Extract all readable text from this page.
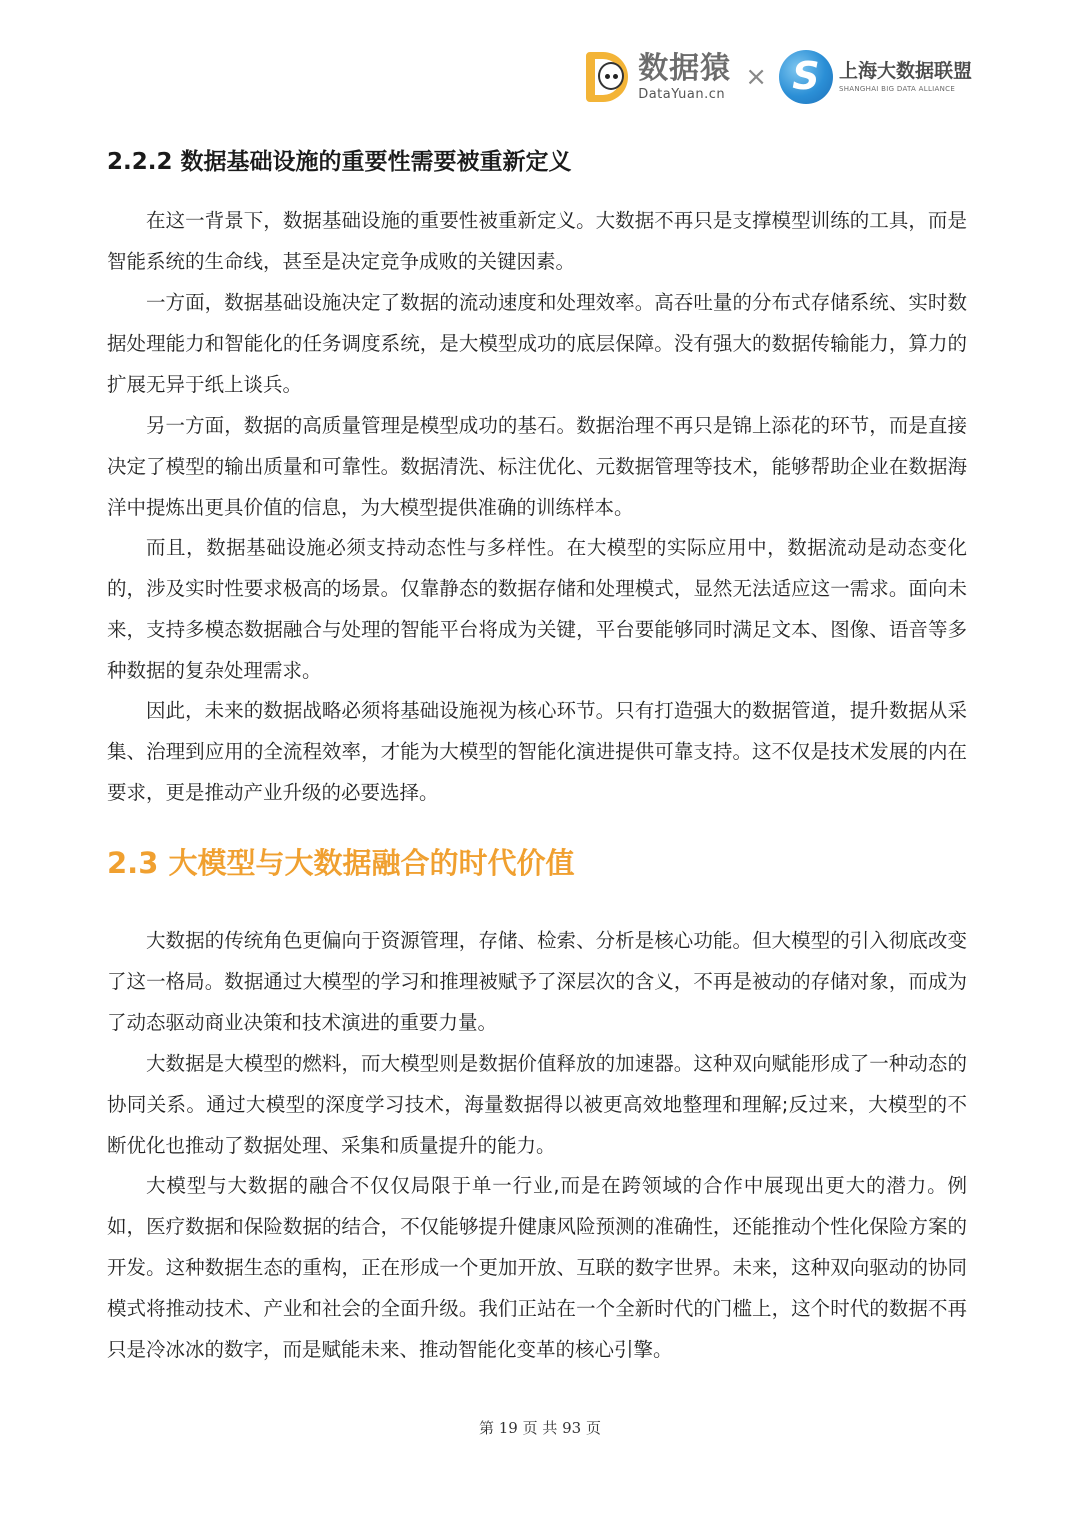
数据猿
DataYuan.cn
× S	上海大数据联盟
SHANGHAI BIG DATA ALLIANCE
2.2.2 数据基础设施的重要性需要被重新定义

在这一背景下，数据基础设施的重要性被重新定义。大数据不再只是支撑模型训练的工具，而是智能系统的生命线，甚至是决定竞争成败的关键因素。

一方面，数据基础设施决定了数据的流动速度和处理效率。高吞吐量的分布式存储系统、实时数据处理能力和智能化的任务调度系统，是大模型成功的底层保障。没有强大的数据传输能力，算力的扩展无异于纸上谈兵。

另一方面，数据的高质量管理是模型成功的基石。数据治理不再只是锦上添花的环节，而是直接决定了模型的输出质量和可靠性。数据清洗、标注优化、元数据管理等技术，能够帮助企业在数据海洋中提炼出更具价值的信息，为大模型提供准确的训练样本。

而且，数据基础设施必须支持动态性与多样性。在大模型的实际应用中，数据流动是动态变化的，涉及实时性要求极高的场景。仅靠静态的数据存储和处理模式，显然无法适应这一需求。面向未来，支持多模态数据融合与处理的智能平台将成为关键，平台要能够同时满足文本、图像、语音等多种数据的复杂处理需求。

因此，未来的数据战略必须将基础设施视为核心环节。只有打造强大的数据管道，提升数据从采集、治理到应用的全流程效率，才能为大模型的智能化演进提供可靠支持。这不仅是技术发展的内在要求，更是推动产业升级的必要选择。

2.3 大模型与大数据融合的时代价值

大数据的传统角色更偏向于资源管理，存储、检索、分析是核心功能。但大模型的引入彻底改变了这一格局。数据通过大模型的学习和推理被赋予了深层次的含义，不再是被动的存储对象，而成为了动态驱动商业决策和技术演进的重要力量。

大数据是大模型的燃料，而大模型则是数据价值释放的加速器。这种双向赋能形成了一种动态的协同关系。通过大模型的深度学习技术，海量数据得以被更高效地整理和理解;反过来，大模型的不断优化也推动了数据处理、采集和质量提升的能力。

大模型与大数据的融合不仅仅局限于单一行业,而是在跨领域的合作中展现出更大的潜力。例如，医疗数据和保险数据的结合，不仅能够提升健康风险预测的准确性，还能推动个性化保险方案的开发。这种数据生态的重构，正在形成一个更加开放、互联的数字世界。未来，这种双向驱动的协同模式将推动技术、产业和社会的全面升级。我们正站在一个全新时代的门槛上，这个时代的数据不再只是冷冰冰的数字，而是赋能未来、推动智能化变革的核心引擎。

第 19 页 共 93 页
